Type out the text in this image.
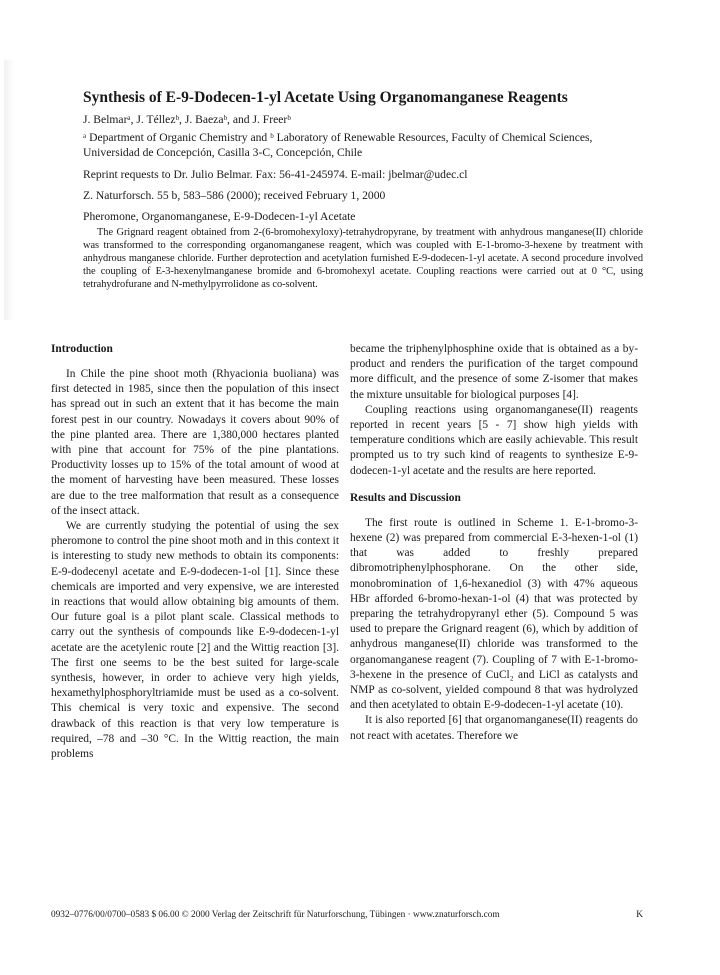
Synthesis of E-9-Dodecen-1-yl Acetate Using Organomanganese Reagents

J. Belmarᵃ, J. Téllezᵇ, J. Baezaᵇ, and J. Freerᵇ

ᵃ Department of Organic Chemistry and ᵇ Laboratory of Renewable Resources, Faculty of Chemical Sciences, Universidad de Concepción, Casilla 3-C, Concepción, Chile

Reprint requests to Dr. Julio Belmar. Fax: 56-41-245974. E-mail: jbelmar@udec.cl

Z. Naturforsch. 55 b, 583–586 (2000); received February 1, 2000

Pheromone, Organomanganese, E-9-Dodecen-1-yl Acetate

The Grignard reagent obtained from 2-(6-bromohexyloxy)-tetrahydropyrane, by treatment with anhydrous manganese(II) chloride was transformed to the corresponding organomanganese reagent, which was coupled with E-1-bromo-3-hexene by treatment with anhydrous manganese chloride. Further deprotection and acetylation furnished E-9-dodecen-1-yl acetate. A second procedure involved the coupling of E-3-hexenylmanganese bromide and 6-bromohexyl acetate. Coupling reactions were carried out at 0 °C, using tetrahydrofurane and N-methylpyrrolidone as co-solvent.

Introduction

In Chile the pine shoot moth (Rhyacionia buoliana) was first detected in 1985, since then the population of this insect has spread out in such an extent that it has become the main forest pest in our country. Nowadays it covers about 90% of the pine planted area. There are 1,380,000 hectares planted with pine that account for 75% of the pine plantations. Productivity losses up to 15% of the total amount of wood at the moment of harvesting have been measured. These losses are due to the tree malformation that result as a consequence of the insect attack.

We are currently studying the potential of using the sex pheromone to control the pine shoot moth and in this context it is interesting to study new methods to obtain its components: E-9-dodecenyl acetate and E-9-dodecen-1-ol [1]. Since these chemicals are imported and very expensive, we are interested in reactions that would allow obtaining big amounts of them. Our future goal is a pilot plant scale. Classical methods to carry out the synthesis of compounds like E-9-dodecen-1-yl acetate are the acetylenic route [2] and the Wittig reaction [3]. The first one seems to be the best suited for large-scale synthesis, however, in order to achieve very high yields, hexamethylphosphoryltriamide must be used as a co-solvent. This chemical is very toxic and expensive. The second drawback of this reaction is that very low temperature is required, –78 and –30 °C. In the Wittig reaction, the main problems

became the triphenylphosphine oxide that is obtained as a by-product and renders the purification of the target compound more difficult, and the presence of some Z-isomer that makes the mixture unsuitable for biological purposes [4].

Coupling reactions using organomanganese(II) reagents reported in recent years [5 - 7] show high yields with temperature conditions which are easily achievable. This result prompted us to try such kind of reagents to synthesize E-9-dodecen-1-yl acetate and the results are here reported.

Results and Discussion

The first route is outlined in Scheme 1. E-1-bromo-3-hexene (2) was prepared from commercial E-3-hexen-1-ol (1) that was added to freshly prepared dibromotriphenylphosphorane. On the other side, monobromination of 1,6-hexanediol (3) with 47% aqueous HBr afforded 6-bromo-hexan-1-ol (4) that was protected by preparing the tetrahydropyranyl ether (5). Compound 5 was used to prepare the Grignard reagent (6), which by addition of anhydrous manganese(II) chloride was transformed to the organomanganese reagent (7). Coupling of 7 with E-1-bromo-3-hexene in the presence of CuCl₂ and LiCl as catalysts and NMP as co-solvent, yielded compound 8 that was hydrolyzed and then acetylated to obtain E-9-dodecen-1-yl acetate (10).

It is also reported [6] that organomanganese(II) reagents do not react with acetates. Therefore we

0932–0776/00/0700–0583 $ 06.00 © 2000 Verlag der Zeitschrift für Naturforschung, Tübingen · www.znaturforsch.com	K
